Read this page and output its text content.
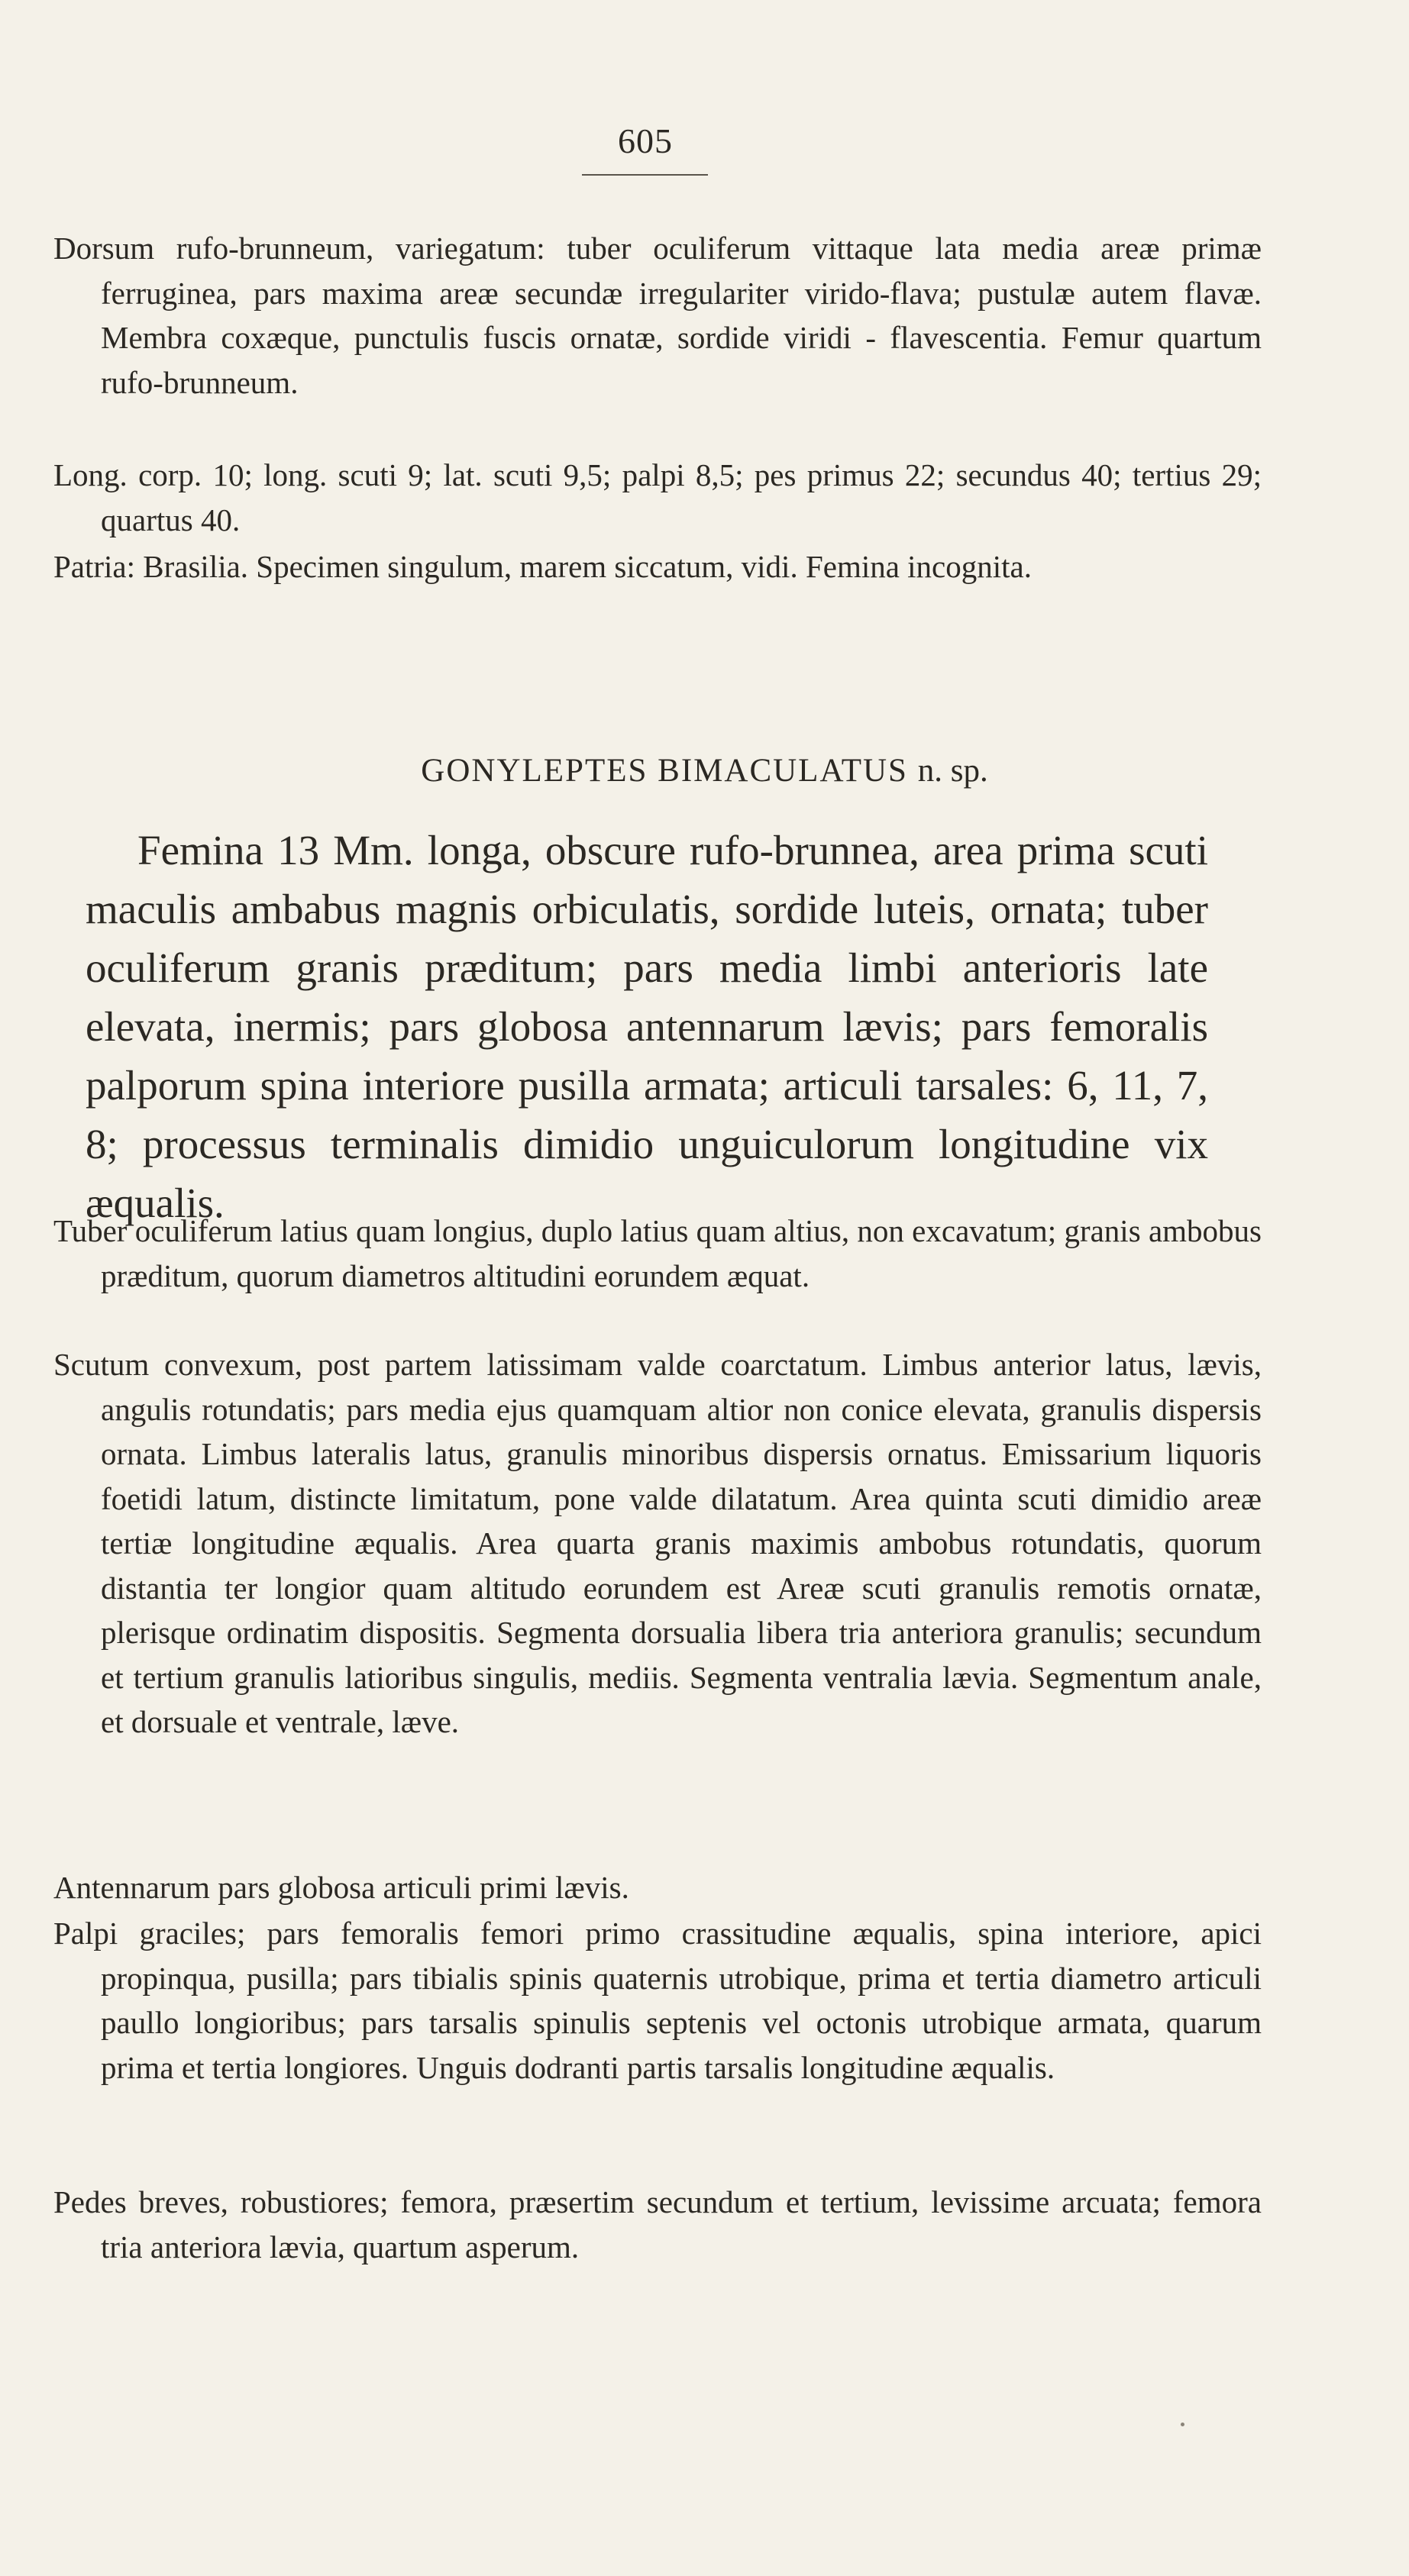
605

Dorsum rufo-brunneum, variegatum: tuber oculiferum vittaque lata media areæ primæ ferruginea, pars maxima areæ secundæ irregulariter virido-flava; pustulæ autem flavæ. Membra coxæque, punctulis fuscis ornatæ, sordide viridi - flavescentia. Femur quartum rufo-brunneum.

Long. corp. 10; long. scuti 9; lat. scuti 9,5; palpi 8,5; pes primus 22; secundus 40; tertius 29; quartus 40.

Patria: Brasilia. Specimen singulum, marem siccatum, vidi. Femina incognita.

GONYLEPTES BIMACULATUS n. sp.

Femina 13 Mm. longa, obscure rufo-brunnea, area prima scuti maculis ambabus magnis orbiculatis, sordide luteis, ornata; tuber oculiferum granis præditum; pars media limbi anterioris late elevata, inermis; pars globosa antennarum lævis; pars femoralis palporum spina interiore pusilla armata; articuli tarsales: 6, 11, 7, 8; processus terminalis dimidio unguiculorum longitudine vix æqualis.

Tuber oculiferum latius quam longius, duplo latius quam altius, non excavatum; granis ambobus præditum, quorum diametros altitudini eorundem æquat.

Scutum convexum, post partem latissimam valde coarctatum. Limbus anterior latus, lævis, angulis rotundatis; pars media ejus quamquam altior non conice elevata, granulis dispersis ornata. Limbus lateralis latus, granulis minoribus dispersis ornatus. Emissarium liquoris foetidi latum, distincte limitatum, pone valde dilatatum. Area quinta scuti dimidio areæ tertiæ longitudine æqualis. Area quarta granis maximis ambobus rotundatis, quorum distantia ter longior quam altitudo eorundem est Areæ scuti granulis remotis ornatæ, plerisque ordinatim dispositis. Segmenta dorsualia libera tria anteriora granulis; secundum et tertium granulis latioribus singulis, mediis. Segmenta ventralia lævia. Segmentum anale, et dorsuale et ventrale, læve.

Antennarum pars globosa articuli primi lævis.

Palpi graciles; pars femoralis femori primo crassitudine æqualis, spina interiore, apici propinqua, pusilla; pars tibialis spinis quaternis utrobique, prima et tertia diametro articuli paullo longioribus; pars tarsalis spinulis septenis vel octonis utrobique armata, quarum prima et tertia longiores. Unguis dodranti partis tarsalis longitudine æqualis.

Pedes breves, robustiores; femora, præsertim secundum et tertium, levissime arcuata; femora tria anteriora lævia, quartum asperum.
